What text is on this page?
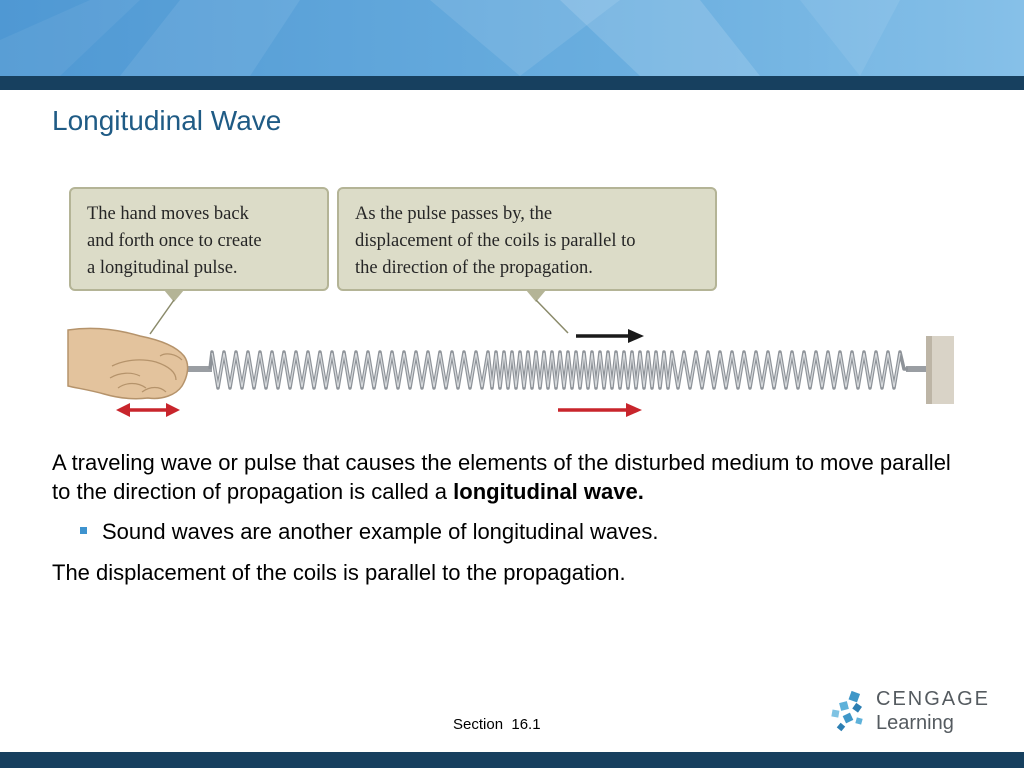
Longitudinal Wave
The hand moves back
and forth once to create
a longitudinal pulse.
As the pulse passes by, the
displacement of the coils is parallel to
the direction of the propagation.

A traveling wave or pulse that causes the elements of the disturbed medium to move parallel to the direction of propagation is called a longitudinal wave.

Sound waves are another example of longitudinal waves.

The displacement of the coils is parallel to the propagation.

Section  16.1
CENGAGE
Learning
